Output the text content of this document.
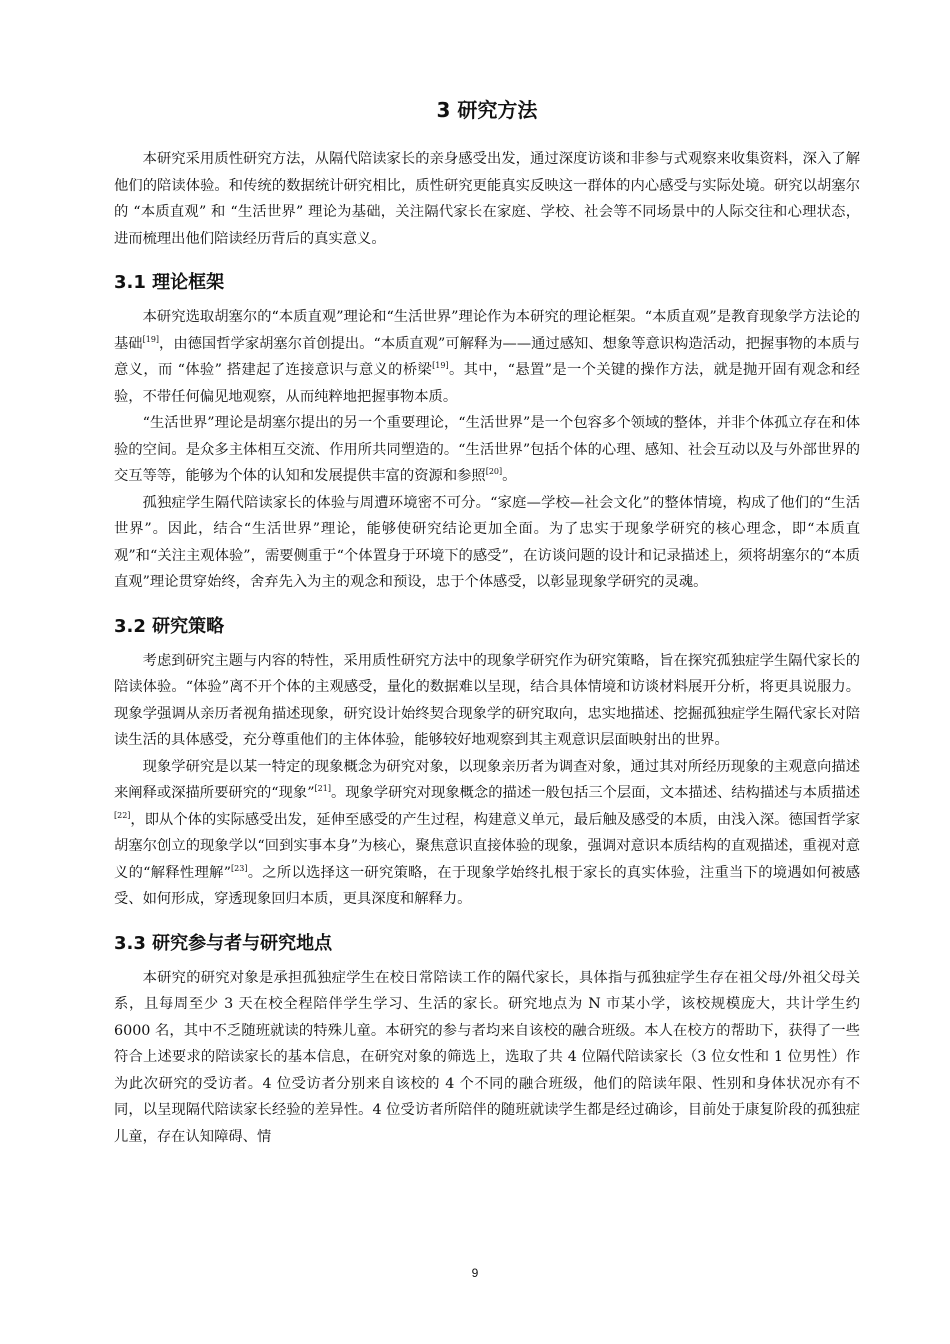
3 研究方法

本研究采用质性研究方法，从隔代陪读家长的亲身感受出发，通过深度访谈和非参与式观察来收集资料，深入了解他们的陪读体验。和传统的数据统计研究相比，质性研究更能真实反映这一群体的内心感受与实际处境。研究以胡塞尔的 “本质直观” 和 “生活世界” 理论为基础，关注隔代家长在家庭、学校、社会等不同场景中的人际交往和心理状态，进而梳理出他们陪读经历背后的真实意义。

3.1 理论框架

本研究选取胡塞尔的“本质直观”理论和“生活世界”理论作为本研究的理论框架。“本质直观”是教育现象学方法论的基础[19]，由德国哲学家胡塞尔首创提出。“本质直观”可解释为——通过感知、想象等意识构造活动，把握事物的本质与意义，而 “体验” 搭建起了连接意识与意义的桥梁[19]。其中，“悬置”是一个关键的操作方法，就是抛开固有观念和经验，不带任何偏见地观察，从而纯粹地把握事物本质。

“生活世界”理论是胡塞尔提出的另一个重要理论，“生活世界”是一个包容多个领域的整体，并非个体孤立存在和体验的空间。是众多主体相互交流、作用所共同塑造的。“生活世界”包括个体的心理、感知、社会互动以及与外部世界的交互等等，能够为个体的认知和发展提供丰富的资源和参照[20]。

孤独症学生隔代陪读家长的体验与周遭环境密不可分。“家庭—学校—社会文化”的整体情境，构成了他们的“生活世界”。因此，结合“生活世界”理论，能够使研究结论更加全面。为了忠实于现象学研究的核心理念，即“本质直观”和“关注主观体验”，需要侧重于“个体置身于环境下的感受”，在访谈问题的设计和记录描述上，须将胡塞尔的“本质直观”理论贯穿始终，舍弃先入为主的观念和预设，忠于个体感受，以彰显现象学研究的灵魂。

3.2 研究策略

考虑到研究主题与内容的特性，采用质性研究方法中的现象学研究作为研究策略，旨在探究孤独症学生隔代家长的陪读体验。“体验”离不开个体的主观感受，量化的数据难以呈现，结合具体情境和访谈材料展开分析，将更具说服力。现象学强调从亲历者视角描述现象，研究设计始终契合现象学的研究取向，忠实地描述、挖掘孤独症学生隔代家长对陪读生活的具体感受，充分尊重他们的主体体验，能够较好地观察到其主观意识层面映射出的世界。

现象学研究是以某一特定的现象概念为研究对象，以现象亲历者为调查对象，通过其对所经历现象的主观意向描述来阐释或深描所要研究的“现象”[21]。现象学研究对现象概念的描述一般包括三个层面，文本描述、结构描述与本质描述[22]，即从个体的实际感受出发，延伸至感受的产生过程，构建意义单元，最后触及感受的本质，由浅入深。德国哲学家胡塞尔创立的现象学以“回到实事本身”为核心，聚焦意识直接体验的现象，强调对意识本质结构的直观描述，重视对意义的“解释性理解”[23]。之所以选择这一研究策略，在于现象学始终扎根于家长的真实体验，注重当下的境遇如何被感受、如何形成，穿透现象回归本质，更具深度和解释力。

3.3 研究参与者与研究地点

本研究的研究对象是承担孤独症学生在校日常陪读工作的隔代家长，具体指与孤独症学生存在祖父母/外祖父母关系，且每周至少 3 天在校全程陪伴学生学习、生活的家长。研究地点为 N 市某小学，该校规模庞大，共计学生约 6000 名，其中不乏随班就读的特殊儿童。本研究的参与者均来自该校的融合班级。本人在校方的帮助下，获得了一些符合上述要求的陪读家长的基本信息，在研究对象的筛选上，选取了共 4 位隔代陪读家长（3 位女性和 1 位男性）作为此次研究的受访者。4 位受访者分别来自该校的 4 个不同的融合班级，他们的陪读年限、性别和身体状况亦有不同，以呈现隔代陪读家长经验的差异性。4 位受访者所陪伴的随班就读学生都是经过确诊，目前处于康复阶段的孤独症儿童，存在认知障碍、情

9
